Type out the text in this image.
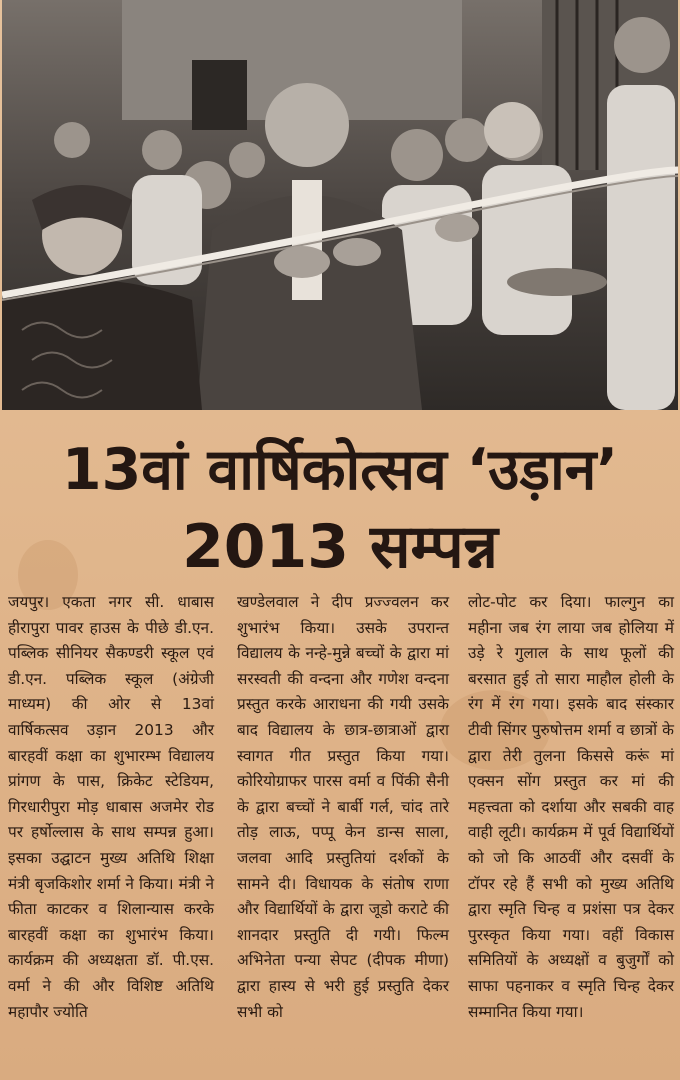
13वां वार्षिकोत्सव ‘उड़ान’
2013 सम्पन्न
जयपुर। एकता नगर सी. धाबास हीरापुरा पावर हाउस के पीछे डी.एन. पब्लिक सीनियर सैकण्डरी स्कूल एवं डी.एन. पब्लिक स्कूल (अंग्रेजी माध्यम) की ओर से 13वां वार्षिकत्सव उड़ान 2013 और बारहवीं कक्षा का शुभारम्भ विद्यालय प्रांगण के पास, क्रिकेट स्टेडियम, गिरधारीपुरा मोड़ धाबास अजमेर रोड पर हर्षोल्लास के साथ सम्पन्न हुआ। इसका उद्घाटन मुख्य अतिथि शिक्षा मंत्री बृजकिशोर शर्मा ने किया। मंत्री ने फीता काटकर व शिलान्यास करके बारहवीं कक्षा का शुभारंभ किया। कार्यक्रम की अध्यक्षता डॉ. पी.एस. वर्मा ने की और विशिष्ट अतिथि महापौर ज्योति
खण्डेलवाल ने दीप प्रज्ज्वलन कर शुभारंभ किया। उसके उपरान्त विद्यालय के नन्हे-मुन्ने बच्चों के द्वारा मां सरस्वती की वन्दना और गणेश वन्दना प्रस्तुत करके आराधना की गयी उसके बाद विद्यालय के छात्र-छात्राओं द्वारा स्वागत गीत प्रस्तुत किया गया। कोरियोग्राफर पारस वर्मा व पिंकी सैनी के द्वारा बच्चों ने बार्बी गर्ल, चांद तारे तोड़ लाऊ, पप्पू केन डान्स साला, जलवा आदि प्रस्तुतियां दर्शकों के सामने दी। विधायक के संतोष राणा और विद्यार्थियों के द्वारा जूडो कराटे की शानदार प्रस्तुति दी गयी। फिल्म अभिनेता पन्या सेपट (दीपक मीणा) द्वारा हास्य से भरी हुई प्रस्तुति देकर सभी को
लोट-पोट कर दिया। फाल्गुन का महीना जब रंग लाया जब होलिया में उड़े रे गुलाल के साथ फूलों की बरसात हुई तो सारा माहौल होली के रंग में रंग गया। इसके बाद संस्कार टीवी सिंगर पुरुषोत्तम शर्मा व छात्रों के द्वारा तेरी तुलना किससे करूं मां एक्सन सोंग प्रस्तुत कर मां की महत्त्वता को दर्शाया और सबकी वाह वाही लूटी। कार्यक्रम में पूर्व विद्यार्थियों को जो कि आठवीं और दसवीं के टॉपर रहे हैं सभी को मुख्य अतिथि द्वारा स्मृति चिन्ह व प्रशंसा पत्र देकर पुरस्कृत किया गया। वहीं विकास समितियों के अध्यक्षों व बुजुर्गों को साफा पहनाकर व स्मृति चिन्ह देकर सम्मानित किया गया।
